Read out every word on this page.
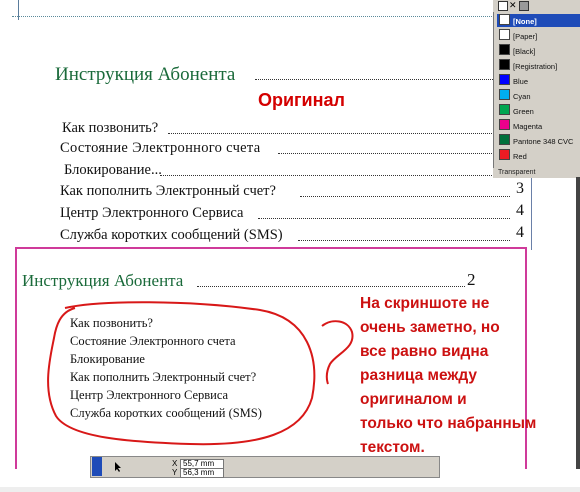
Инструкция Абонента
Оригинал
Как позвонить?
Состояние Электронного счета
Блокирование...
Как пополнить Электронный счет?	3
Центр Электронного Сервиса	4
Служба коротких сообщений (SMS)	4
Инструкция Абонента	2
Как позвонить?
Состояние Электронного счета
Блокирование
Как пополнить Электронный счет?
Центр Электронного Сервиса
Служба коротких сообщений (SMS)
На скриншоте не
очень заметно, но
все равно видна
разница между
оригиналом и
только что набранным
текстом.
X 55,7 mm
Y 56,3 mm
✕
[None]
[Paper]
[Black]
[Registration]
Blue
Cyan
Green
Magenta
Pantone 348 CVC
Red
Transparent
